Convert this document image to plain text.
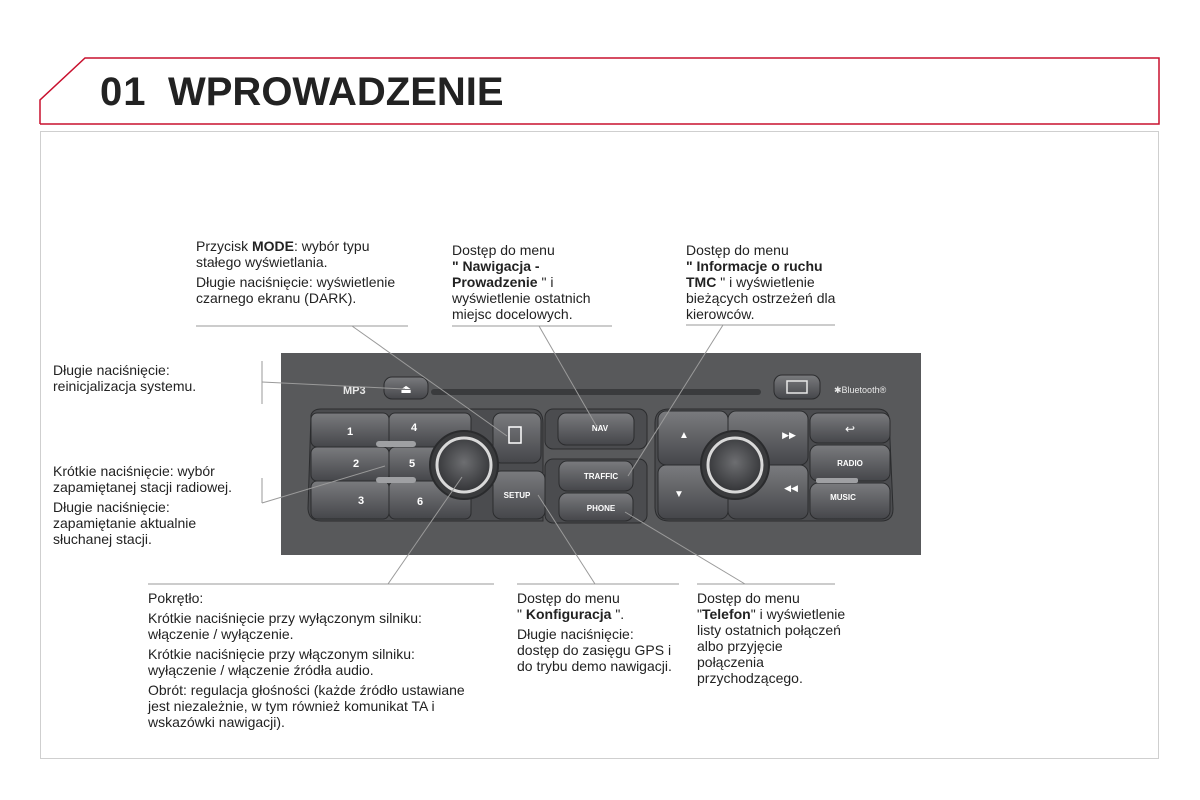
01 WPROWADZENIE
MP3	⏏	✱Bluetooth®
1	4
2	5
3	6
SETUP
NAV
TRAFFIC
PHONE
▲
▼
▶▶
◀◀
↩
RADIO
MUSIC

Przycisk MODE: wybór typu stałego wyświetlania.

Długie naciśnięcie: wyświetlenie czarnego ekranu (DARK).

Dostęp do menu
" Nawigacja - Prowadzenie " i wyświetlenie ostatnich miejsc docelowych.

Dostęp do menu
" Informacje o ruchu TMC " i wyświetlenie bieżących ostrzeżeń dla kierowców.

Długie naciśnięcie: reinicjalizacja systemu.

Krótkie naciśnięcie: wybór zapamiętanej stacji radiowej.

Długie naciśnięcie: zapamiętanie aktualnie słuchanej stacji.

Pokrętło:

Krótkie naciśnięcie przy wyłączonym silniku: włączenie / wyłączenie.

Krótkie naciśnięcie przy włączonym silniku: wyłączenie / włączenie źródła audio.

Obrót: regulacja głośności (każde źródło ustawiane jest niezależnie, w tym również komunikat TA i wskazówki nawigacji).

Dostęp do menu
" Konfiguracja ".

Długie naciśnięcie: dostęp do zasięgu GPS i do trybu demo nawigacji.

Dostęp do menu "Telefon" i wyświetlenie listy ostatnich połączeń albo przyjęcie połączenia przychodzącego.
